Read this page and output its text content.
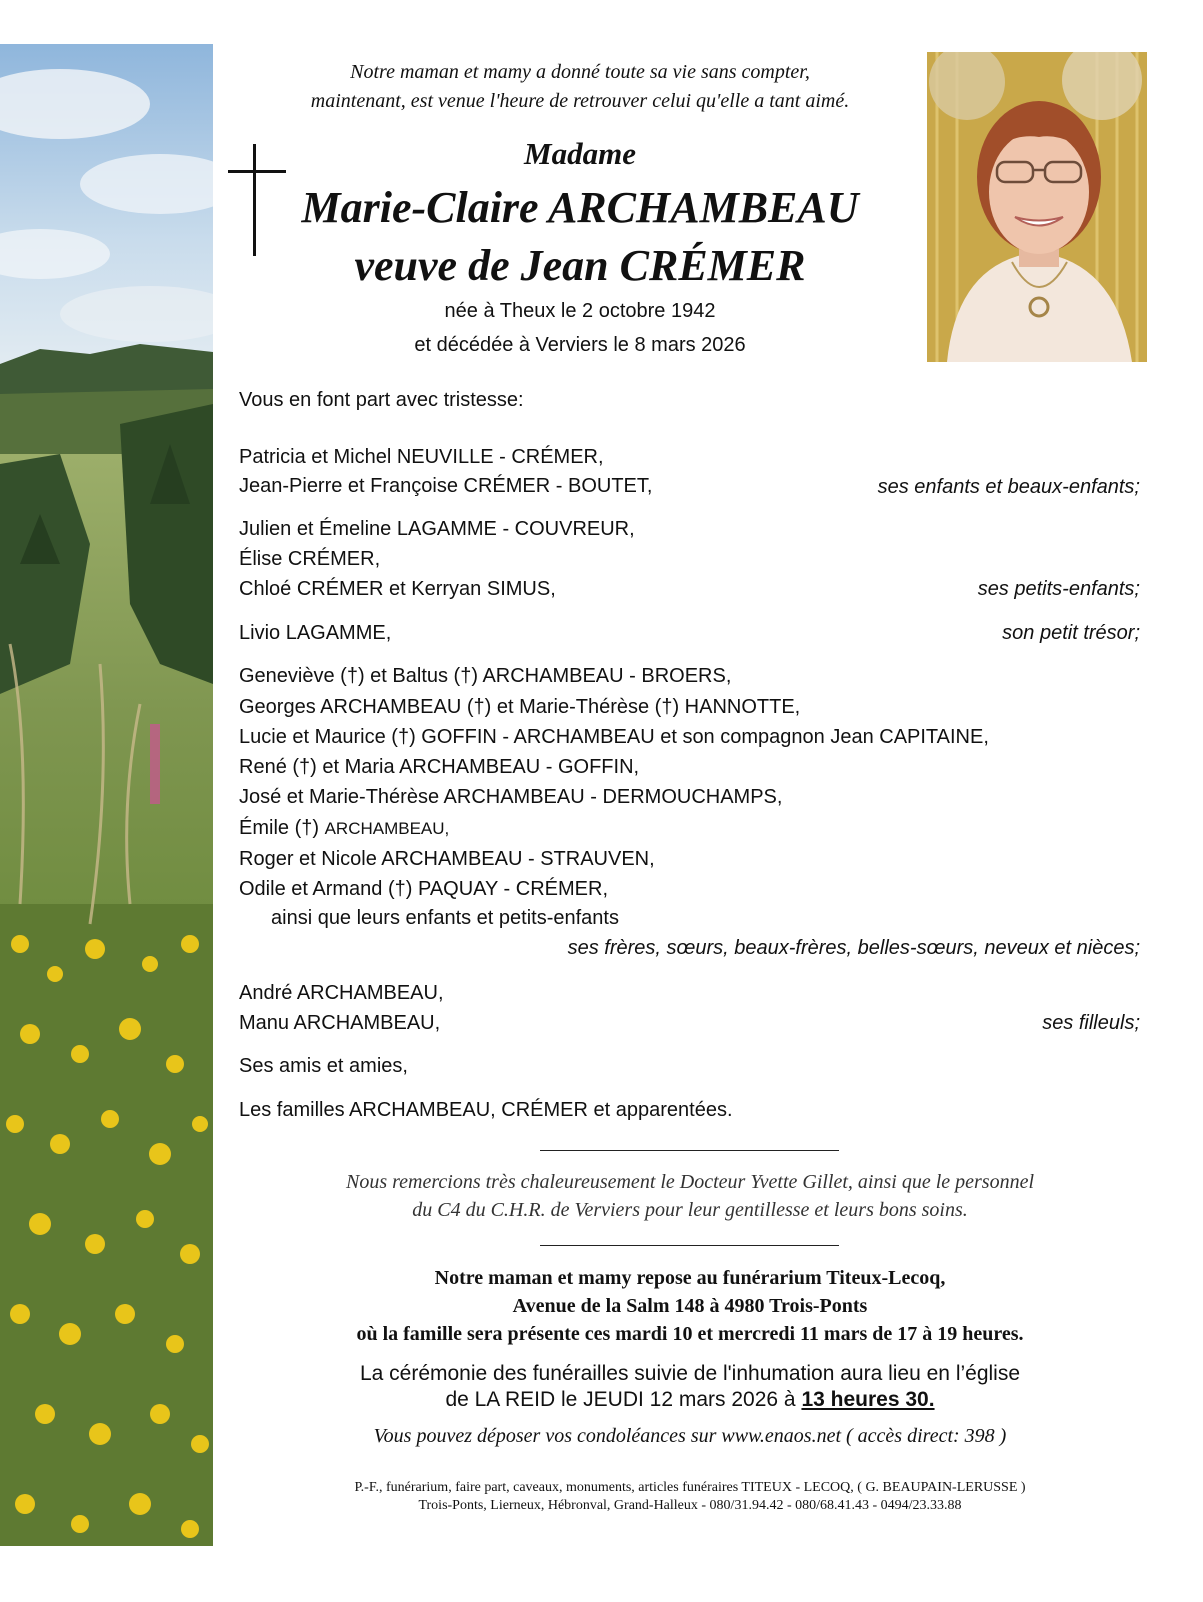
Notre maman et mamy a donné toute sa vie sans compter,
maintenant, est venue l'heure de retrouver celui qu'elle a tant aimé.
Madame
Marie-Claire ARCHAMBEAU
veuve de Jean CRÉMER
née à Theux le 2 octobre 1942
et décédée à Verviers le 8 mars 2026
Vous en font part avec tristesse:
Patricia et Michel NEUVILLE - CRÉMER,
Jean-Pierre et Françoise CRÉMER - BOUTET,	ses enfants et beaux-enfants;
Julien et Émeline LAGAMME - COUVREUR,
Élise CRÉMER,
Chloé CRÉMER et Kerryan SIMUS,	ses petits-enfants;
Livio LAGAMME,	son petit trésor;
Geneviève (†) et Baltus (†) ARCHAMBEAU - BROERS,
Georges ARCHAMBEAU (†) et Marie-Thérèse (†) HANNOTTE,
Lucie et Maurice (†) GOFFIN - ARCHAMBEAU et son compagnon Jean CAPITAINE,
René (†) et Maria ARCHAMBEAU - GOFFIN,
José et Marie-Thérèse ARCHAMBEAU - DERMOUCHAMPS,
Émile (†) ARCHAMBEAU,
Roger et Nicole ARCHAMBEAU - STRAUVEN,
Odile et Armand (†) PAQUAY - CRÉMER,
ainsi que leurs enfants et petits-enfants
ses frères, sœurs, beaux-frères, belles-sœurs, neveux et nièces;
André ARCHAMBEAU,
Manu ARCHAMBEAU,	ses filleuls;
Ses amis et amies,
Les familles ARCHAMBEAU, CRÉMER et apparentées.
Nous remercions très chaleureusement le Docteur Yvette Gillet, ainsi que le personnel
du C4 du C.H.R. de Verviers pour leur gentillesse et leurs bons soins.
Notre maman et mamy repose au funérarium Titeux-Lecoq,
Avenue de la Salm 148 à 4980 Trois-Ponts
où la famille sera présente ces mardi 10 et mercredi 11 mars de 17 à 19 heures.
La cérémonie des funérailles suivie de l'inhumation aura lieu en l’église
de LA REID le JEUDI 12 mars 2026 à 13 heures 30.
Vous pouvez déposer vos condoléances sur www.enaos.net ( accès direct: 398 )
P.-F., funérarium, faire part, caveaux, monuments, articles funéraires TITEUX - LECOQ, ( G. BEAUPAIN-LERUSSE )
Trois-Ponts, Lierneux, Hébronval, Grand-Halleux - 080/31.94.42 - 080/68.41.43 - 0494/23.33.88
